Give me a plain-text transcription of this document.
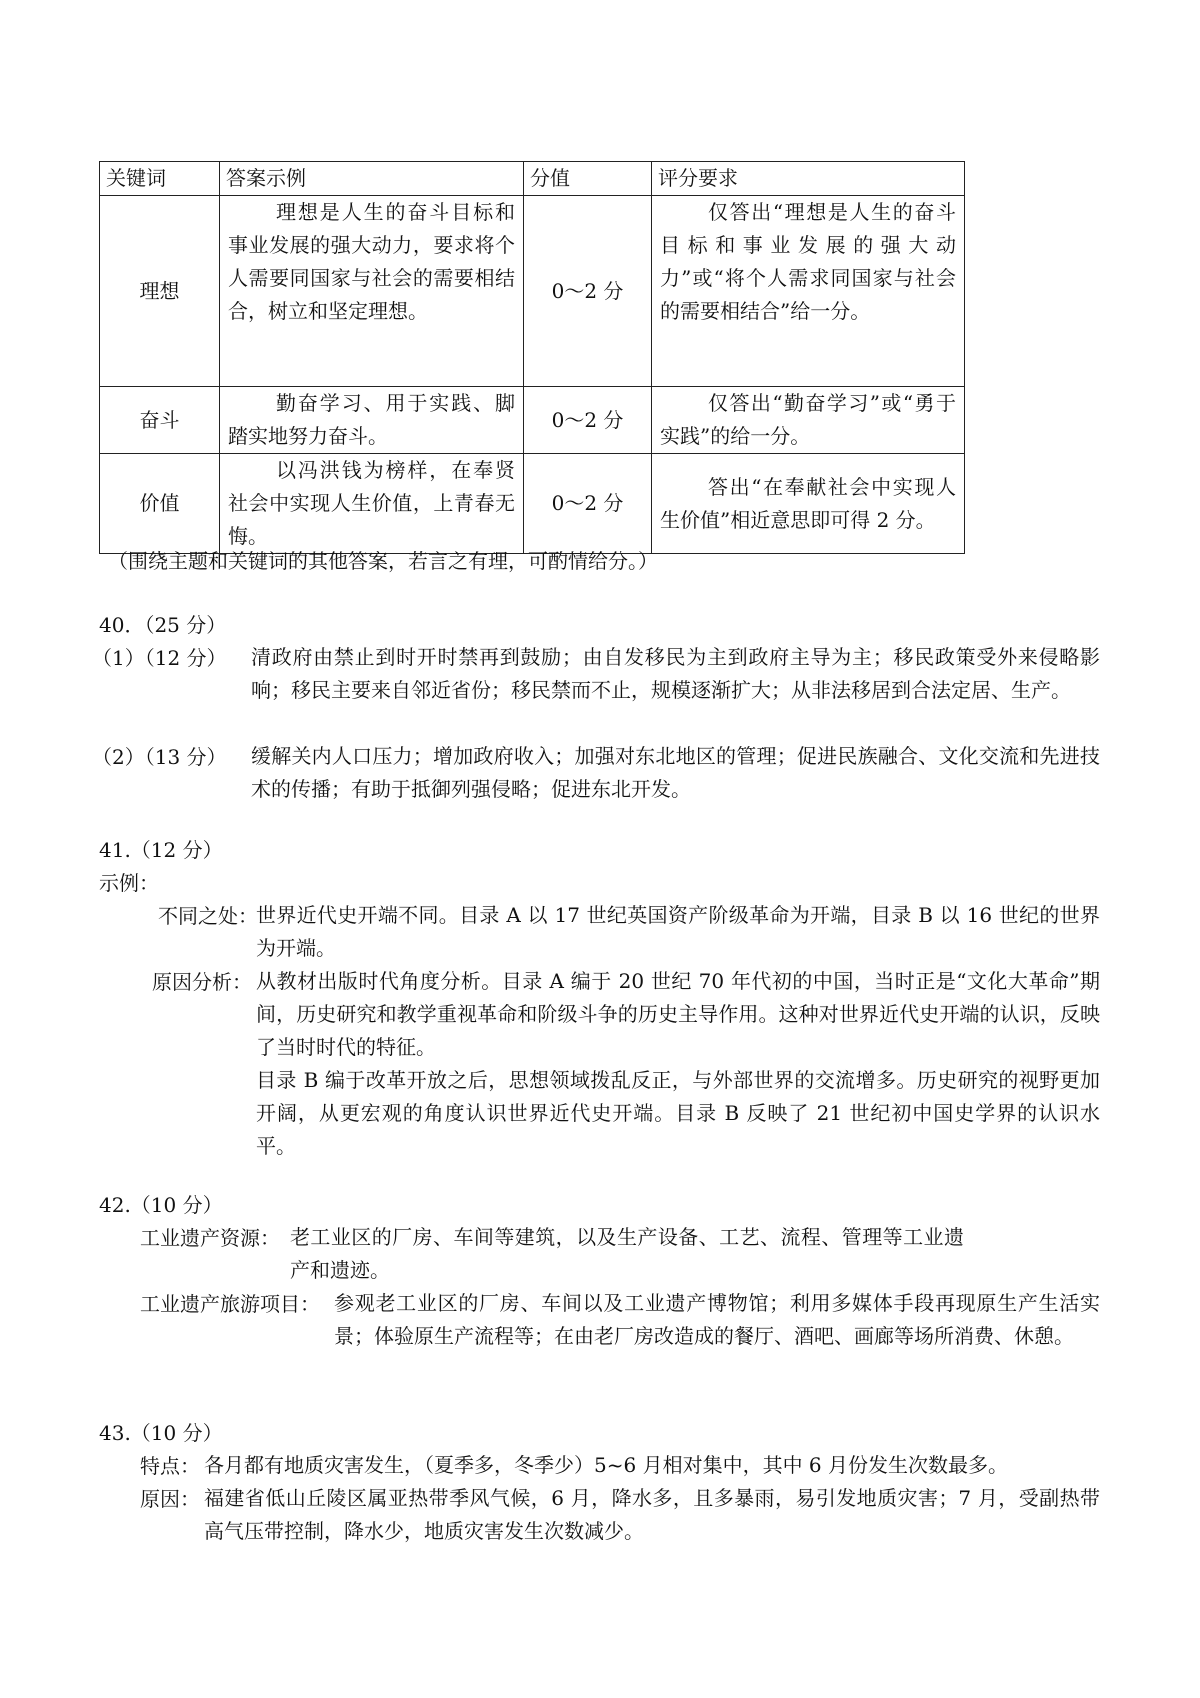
关键词	答案示例	分值	评分要求
理想	理想是人生的奋斗目标和事业发展的强大动力，要求将个人需要同国家与社会的需要相结合，树立和坚定理想。	0～2 分	仅答出“理想是人生的奋斗目标和事业发展的强大动力”或“将个人需求同国家与社会的需要相结合”给一分。
奋斗	勤奋学习、用于实践、脚踏实地努力奋斗。	0～2 分	仅答出“勤奋学习”或“勇于实践”的给一分。
价值	以冯洪钱为榜样，在奉贤社会中实现人生价值，上青春无悔。	0～2 分	答出“在奉献社会中实现人生价值”相近意思即可得 2 分。
（围绕主题和关键词的其他答案，若言之有理，可酌情给分。）
40．（25 分）
（1）（12 分） 清政府由禁止到时开时禁再到鼓励；由自发移民为主到政府主导为主；移民政策受外来侵略影响；移民主要来自邻近省份；移民禁而不止，规模逐渐扩大；从非法移居到合法定居、生产。
（2）（13 分） 缓解关内人口压力；增加政府收入；加强对东北地区的管理；促进民族融合、文化交流和先进技术的传播；有助于抵御列强侵略；促进东北开发。
41.（12 分）
示例：
不同之处：
世界近代史开端不同。目录 A 以 17 世纪英国资产阶级革命为开端，目录 B 以 16 世纪的世界为开端。
原因分析： 从教材出版时代角度分析。目录 A 编于 20 世纪 70 年代初的中国，当时正是“文化大革命”期间，历史研究和教学重视革命和阶级斗争的历史主导作用。这种对世界近代史开端的认识，反映了当时时代的特征。
目录 B 编于改革开放之后，思想领域拨乱反正，与外部世界的交流增多。历史研究的视野更加开阔，从更宏观的角度认识世界近代史开端。目录 B 反映了 21 世纪初中国史学界的认识水平。
42.（10 分）
工业遗产资源： 老工业区的厂房、车间等建筑，以及生产设备、工艺、流程、管理等工业遗产和遗迹。
工业遗产旅游项目： 参观老工业区的厂房、车间以及工业遗产博物馆；利用多媒体手段再现原生产生活实景；体验原生产流程等；在由老厂房改造成的餐厅、酒吧、画廊等场所消费、休憩。
43.（10 分）
特点： 各月都有地质灾害发生，（夏季多，冬季少）5~6 月相对集中，其中 6 月份发生次数最多。
原因： 福建省低山丘陵区属亚热带季风气候，6 月，降水多，且多暴雨，易引发地质灾害；7 月，受副热带高气压带控制，降水少，地质灾害发生次数减少。
